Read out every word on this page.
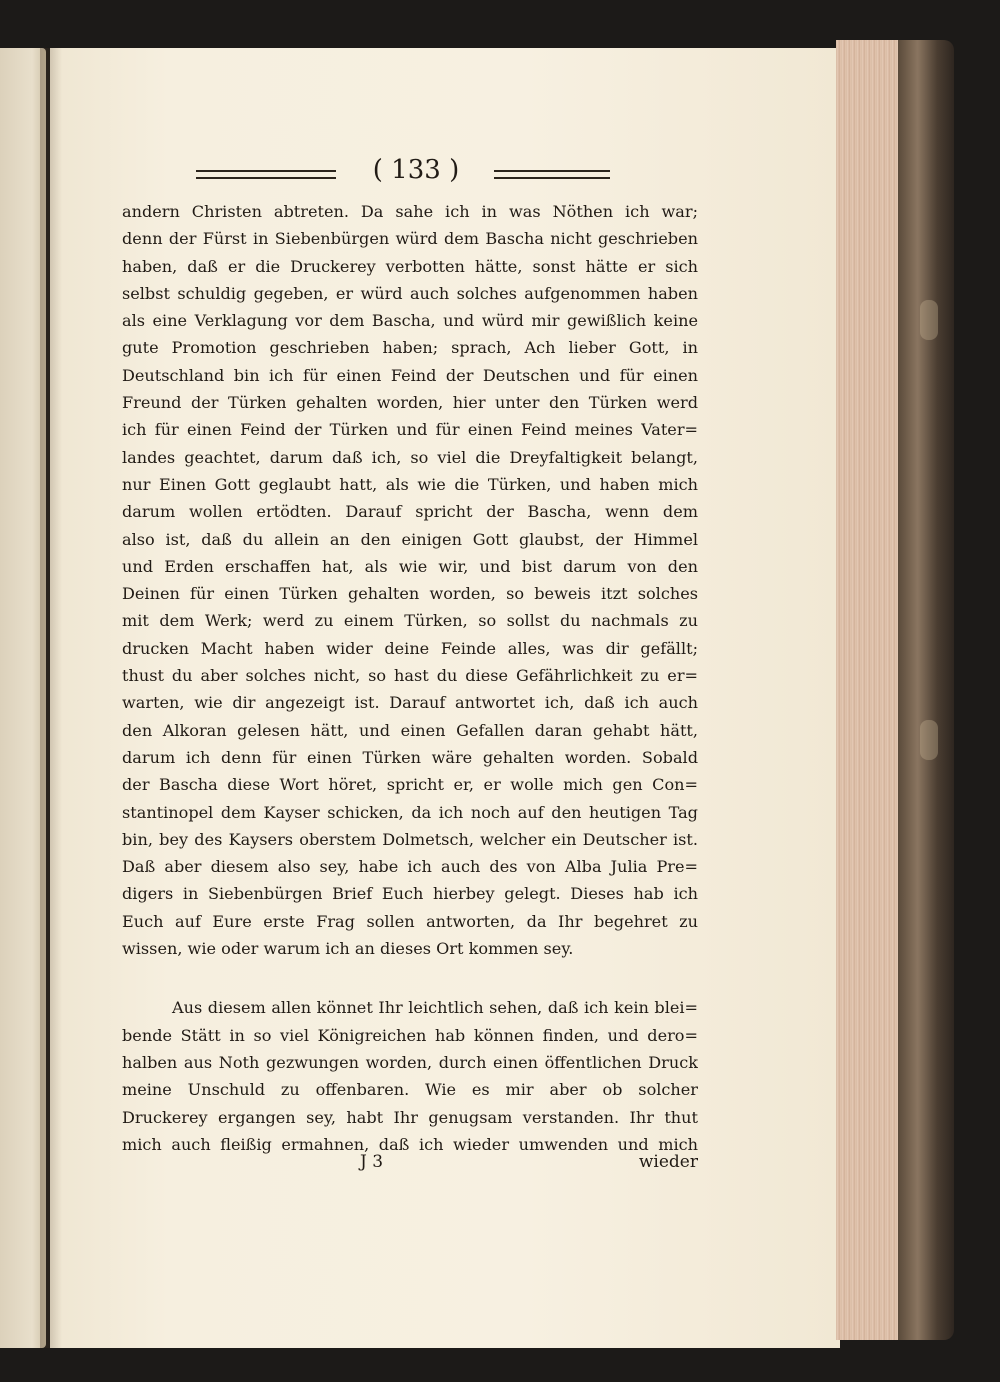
( 133 )
andern Christen abtreten. Da sahe ich in was Nöthen ich war;
denn der Fürst in Siebenbürgen würd dem Bascha nicht geschrieben
haben, daß er die Druckerey verbotten hätte, sonst hätte er sich
selbst schuldig gegeben, er würd auch solches aufgenommen haben
als eine Verklagung vor dem Bascha, und würd mir gewißlich keine
gute Promotion geschrieben haben; sprach, Ach lieber Gott, in
Deutschland bin ich für einen Feind der Deutschen und für einen
Freund der Türken gehalten worden, hier unter den Türken werd
ich für einen Feind der Türken und für einen Feind meines Vater=
landes geachtet, darum daß ich, so viel die Dreyfaltigkeit belangt,
nur Einen Gott geglaubt hatt, als wie die Türken, und haben mich
darum wollen ertödten. Darauf spricht der Bascha, wenn dem
also ist, daß du allein an den einigen Gott glaubst, der Himmel
und Erden erschaffen hat, als wie wir, und bist darum von den
Deinen für einen Türken gehalten worden, so beweis itzt solches
mit dem Werk; werd zu einem Türken, so sollst du nachmals zu
drucken Macht haben wider deine Feinde alles, was dir gefällt;
thust du aber solches nicht, so hast du diese Gefährlichkeit zu er=
warten, wie dir angezeigt ist. Darauf antwortet ich, daß ich auch
den Alkoran gelesen hätt, und einen Gefallen daran gehabt hätt,
darum ich denn für einen Türken wäre gehalten worden. Sobald
der Bascha diese Wort höret, spricht er, er wolle mich gen Con=
stantinopel dem Kayser schicken, da ich noch auf den heutigen Tag
bin, bey des Kaysers oberstem Dolmetsch, welcher ein Deutscher ist.
Daß aber diesem also sey, habe ich auch des von Alba Julia Pre=
digers in Siebenbürgen Brief Euch hierbey gelegt. Dieses hab ich
Euch auf Eure erste Frag sollen antworten, da Ihr begehret zu
wissen, wie oder warum ich an dieses Ort kommen sey.
Aus diesem allen könnet Ihr leichtlich sehen, daß ich kein blei=
bende Stätt in so viel Königreichen hab können finden, und dero=
halben aus Noth gezwungen worden, durch einen öffentlichen Druck
meine Unschuld zu offenbaren. Wie es mir aber ob solcher
Druckerey ergangen sey, habt Ihr genugsam verstanden. Ihr thut
mich auch fleißig ermahnen, daß ich wieder umwenden und mich
J 3	wieder
